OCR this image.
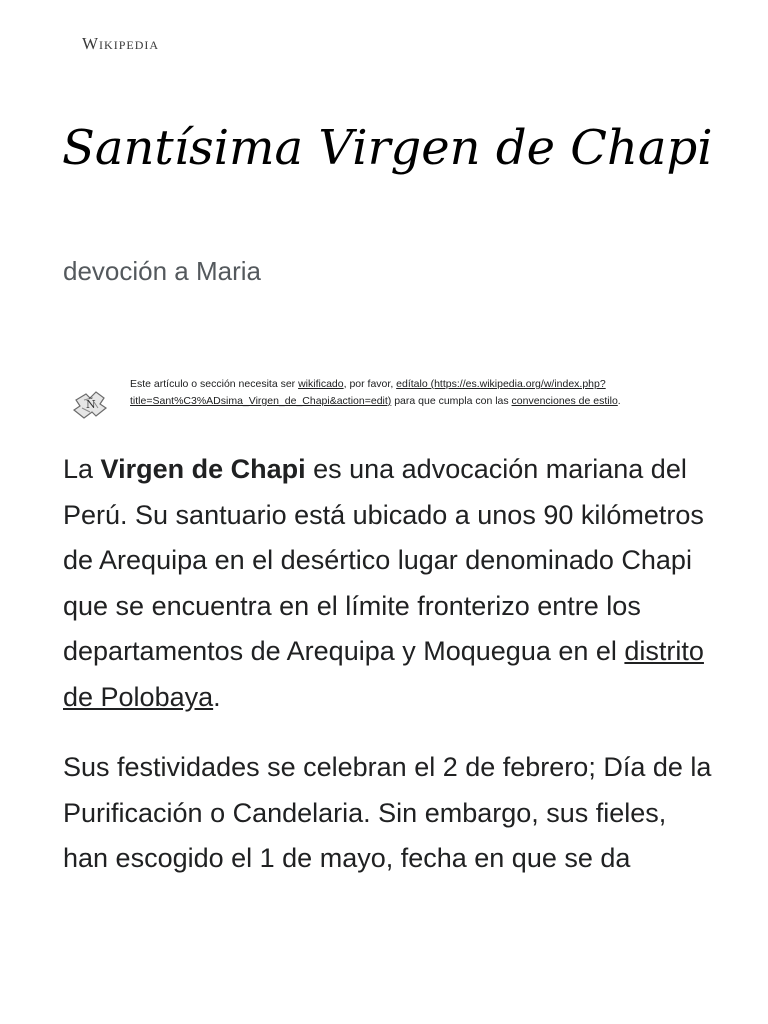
Wikipedia
Santísima Virgen de Chapi
devoción a Maria
Ñ
Este artículo o sección necesita ser wikificado, por favor, edítalo (https://es.wikipedia.org/w/index.php?title=Sant%C3%ADsima_Virgen_de_Chapi&action=edit) para que cumpla con las convenciones de estilo.

La Virgen de Chapi es una advocación mariana del Perú. Su santuario está ubicado a unos 90 kilómetros de Arequipa en el desértico lugar denominado Chapi que se encuentra en el límite fronterizo entre los departamentos de Arequipa y Moquegua en el distrito de Polobaya.

Sus festividades se celebran el 2 de febrero; Día de la Purificación o Candelaria. Sin embargo, sus fieles, han escogido el 1 de mayo, fecha en que se da
